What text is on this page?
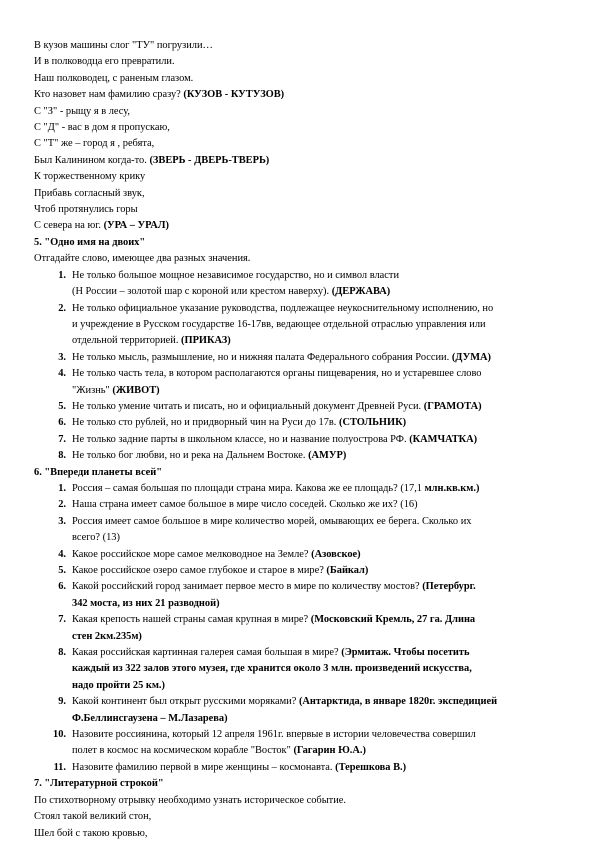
В кузов машины слог "ТУ" погрузили…
И в полководца его превратили.
Наш полководец, с раненым глазом.
Кто назовет нам фамилию сразу? (КУЗОВ - КУТУЗОВ)
С "З" - рыщу я в лесу,
С "Д" - вас в дом я пропускаю,
С "Т" же – город я , ребята,
Был Калинином когда-то. (ЗВЕРЬ - ДВЕРЬ-ТВЕРЬ)
К торжественному крику
Прибавь согласный звук,
Чтоб протянулись горы
С севера на юг. (УРА – УРАЛ)
5. "Одно имя на двоих"
Отгадайте слово, имеющее два разных значения.
1 . Не только большое мощное независимое государство, но и символ власти
(Н России – золотой шар с короной или крестом наверху). (ДЕРЖАВА)
2 . Не только официальное указание руководства, подлежащее неукоснительному исполнению, но
и учреждение в Русском государстве 16-17вв, ведающее отдельной отраслью управления или
отдельной территорией. (ПРИКАЗ)
3 . Не только мысль, размышление, но и нижняя палата Федерального собрания России. (ДУМА)
4 . Не только часть тела, в котором располагаются органы пищеварения, но и устаревшее слово
"Жизнь" (ЖИВОТ)
5 . Не только умение читать и писать, но и официальный документ Древней Руси. (ГРАМОТА)
6 . Не только сто рублей, но и придворный чин на Руси до 17в. (СТОЛЬНИК)
7 . Не только задние парты в школьном классе, но и название полуострова РФ. (КАМЧАТКА)
8 . Не только бог любви, но и река на Дальнем Востоке. (АМУР)
6. "Впереди планеты всей"
1 . Россия – самая большая по площади страна мира. Какова же ее площадь? (17,1 млн.кв.км.)
2 . Наша страна имеет самое большое в мире число соседей. Сколько же их? (16)
3 . Россия имеет самое большое в мире количество морей, омывающих ее берега. Сколько их
всего? (13)
4 . Какое российское море самое мелководное на Земле? (Азовское)
5 . Какое российское озеро самое глубокое и старое в мире? (Байкал)
6 . Какой российский город занимает первое место в мире по количеству мостов? (Петербург.
342 моста, из них 21 разводной)
7 . Какая крепость нашей страны самая крупная в мире? (Московский Кремль, 27 га. Длина
стен 2км.235м)
8 . Какая российская картинная галерея самая большая в мире? (Эрмитаж. Чтобы посетить
каждый из 322 залов этого музея, где хранится около 3 млн. произведений искусства,
надо пройти 25 км.)
9 . Какой континент был открыт русскими моряками? (Антарктида, в январе 1820г. экспедицией
Ф.Беллинсгаузена – М.Лазарева)
10 . Назовите россиянина, который 12 апреля 1961г. впервые в истории человечества совершил
полет в космос на космическом корабле "Восток" (Гагарин Ю.А.)
11 . Назовите фамилию первой в мире женщины – космонавта. (Терешкова В.)
7. "Литературной строкой"
По стихотворному отрывку необходимо узнать историческое событие.
Стоял такой великий стон,
Шел бой с такою кровью,
